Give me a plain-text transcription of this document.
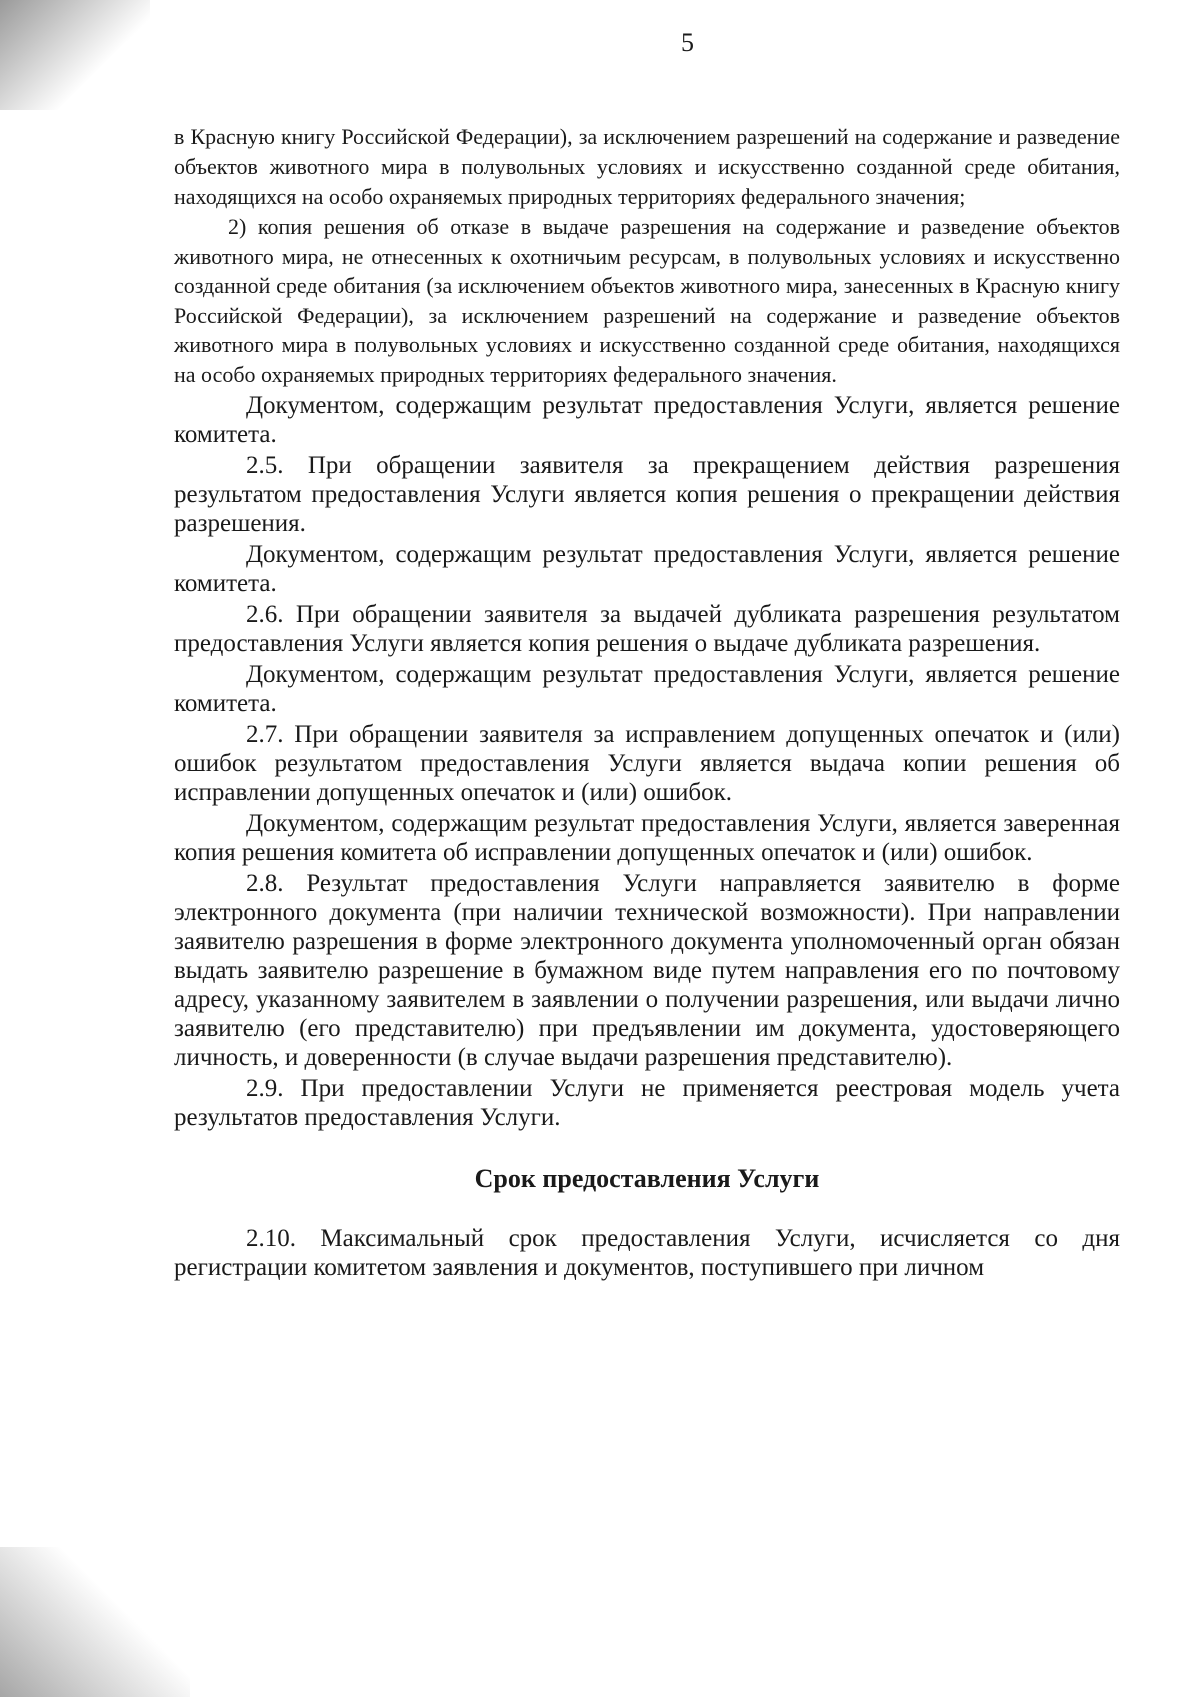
5

в Красную книгу Российской Федерации), за исключением разрешений на содержание и разведение объектов животного мира в полувольных условиях и искусственно созданной среде обитания, находящихся на особо охраняемых природных территориях федерального значения;

2) копия решения об отказе в выдаче разрешения на содержание и разведение объектов животного мира, не отнесенных к охотничьим ресурсам, в полувольных условиях и искусственно созданной среде обитания (за исключением объектов животного мира, занесенных в Красную книгу Российской Федерации), за исключением разрешений на содержание и разведение объектов животного мира в полувольных условиях и искусственно созданной среде обитания, находящихся на особо охраняемых природных территориях федерального значения.

Документом, содержащим результат предоставления Услуги, является решение комитета.

2.5. При обращении заявителя за прекращением действия разрешения результатом предоставления Услуги является копия решения о прекращении действия разрешения.

Документом, содержащим результат предоставления Услуги, является решение комитета.

2.6. При обращении заявителя за выдачей дубликата разрешения результатом предоставления Услуги является копия решения о выдаче дубликата разрешения.

Документом, содержащим результат предоставления Услуги, является решение комитета.

2.7. При обращении заявителя за исправлением допущенных опечаток и (или) ошибок результатом предоставления Услуги является выдача копии решения об исправлении допущенных опечаток и (или) ошибок.

Документом, содержащим результат предоставления Услуги, является заверенная копия решения комитета об исправлении допущенных опечаток и (или) ошибок.

2.8. Результат предоставления Услуги направляется заявителю в форме электронного документа (при наличии технической возможности). При направлении заявителю разрешения в форме электронного документа уполномоченный орган обязан выдать заявителю разрешение в бумажном виде путем направления его по почтовому адресу, указанному заявителем в заявлении о получении разрешения, или выдачи лично заявителю (его представителю) при предъявлении им документа, удостоверяющего личность, и доверенности (в случае выдачи разрешения представителю).

2.9. При предоставлении Услуги не применяется реестровая модель учета результатов предоставления Услуги.

Срок предоставления Услуги

2.10. Максимальный срок предоставления Услуги, исчисляется со дня регистрации комитетом заявления и документов, поступившего при личном
